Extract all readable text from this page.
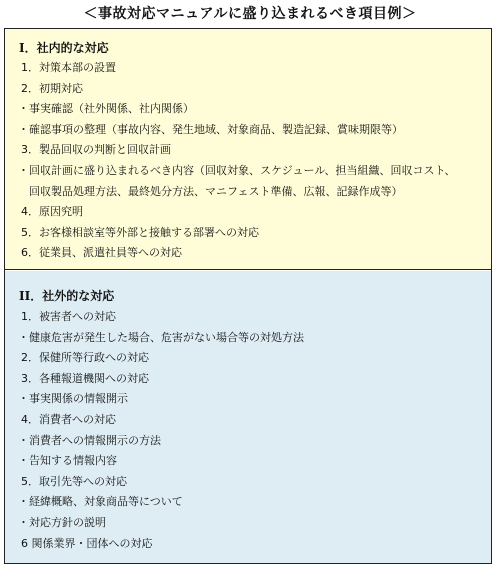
＜事故対応マニュアルに盛り込まれるべき項目例＞
I．社内的な対応
1．対策本部の設置
2．初期対応
・事実確認（社外関係、社内関係）
・確認事項の整理（事故内容、発生地域、対象商品、製造記録、賞味期限等）
3．製品回収の判断と回収計画
・回収計画に盛り込まれるべき内容（回収対象、スケジュール、担当組織、回収コスト、
回収製品処理方法、最終処分方法、マニフェスト準備、広報、記録作成等）
4．原因究明
5．お客様相談室等外部と接触する部署への対応
6．従業員、派遣社員等への対応
II．社外的な対応
1．被害者への対応
・健康危害が発生した場合、危害がない場合等の対処方法
2．保健所等行政への対応
3．各種報道機関への対応
・事実関係の情報開示
4．消費者への対応
・消費者への情報開示の方法
・告知する情報内容
5．取引先等への対応
・経緯概略、対象商品等について
・対応方針の説明
6 関係業界・団体への対応
